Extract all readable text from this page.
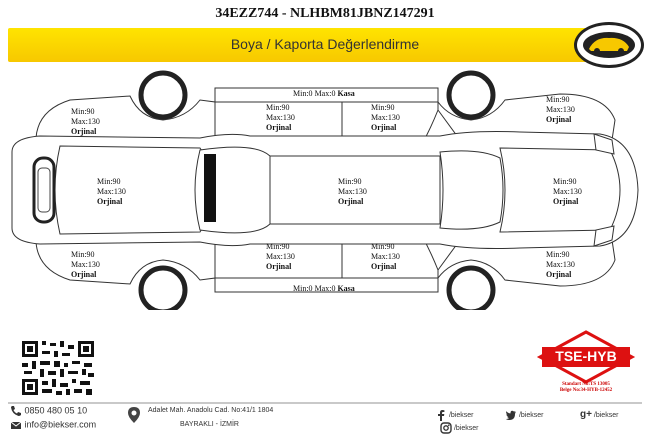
34EZZ744 - NLHBM81JBNZ147291
Boya / Kaporta Değerlendirme
Min:0 Max:0 Kasa
Min:0 Max:0 Kasa
Min:90
Max:130
Orjinal
Min:90
Max:130
Orjinal
Min:90
Max:130
Orjinal
Min:90
Max:130
Orjinal
Min:90
Max:130
Orjinal
Min:90
Max:130
Orjinal
Min:90
Max:130
Orjinal
Min:90
Max:130
Orjinal
Min:90
Max:130
Orjinal
Min:90
Max:130
Orjinal
Min:90
Max:130
Orjinal
TSE-HYB
Standart No:TS 13005
Belge No:34-HYB-12452
0850 480 05 10
info@biekser.com
Adalet Mah. Anadolu Cad. No:41/1 1804
BAYRAKLI - İZMİR
/biekser	/biekser
/biekser
g+ /biekser
